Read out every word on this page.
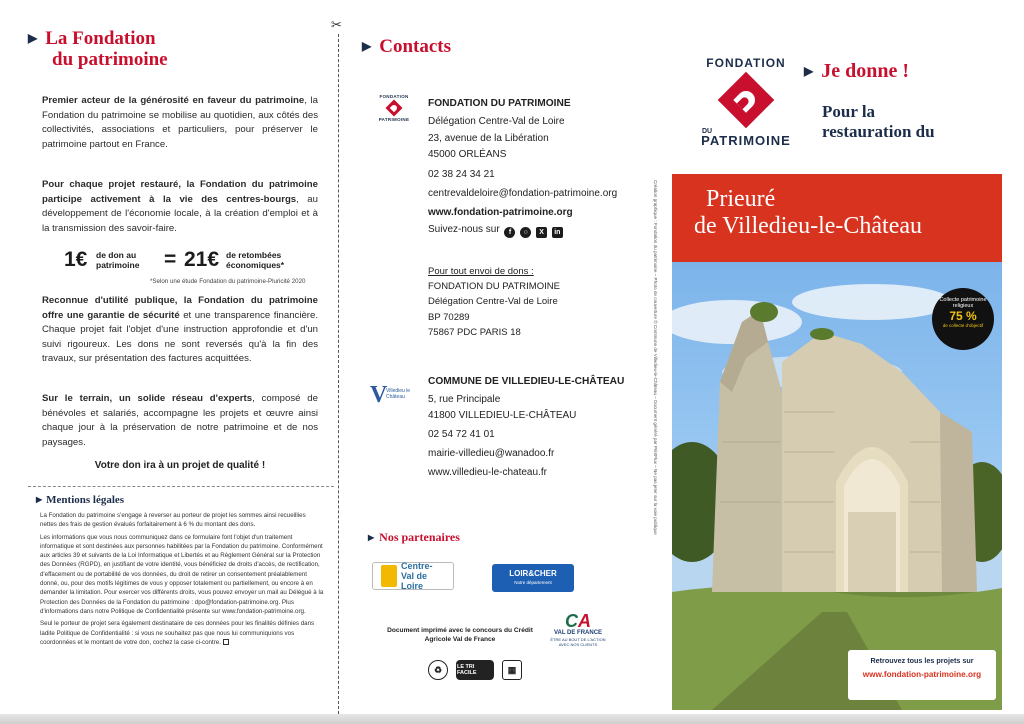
▶ La Fondation
du patrimoine
Premier acteur de la générosité en faveur du patrimoine, la Fondation du patrimoine se mobilise au quotidien, aux côtés des collectivités, associations et particuliers, pour préserver le patrimoine partout en France.
Pour chaque projet restauré, la Fondation du patrimoine participe activement à la vie des centres-bourgs, au développement de l'économie locale, à la création d'emploi et à la transmission des savoir-faire.
1€ de don au patrimoine	= 21€ de retombées économiques*
*Selon une étude Fondation du patrimoine-Pluricité 2020
Reconnue d'utilité publique, la Fondation du patrimoine offre une garantie de sécurité et une transparence financière. Chaque projet fait l'objet d'une instruction approfondie et d'un suivi rigoureux. Les dons ne sont reversés qu'à la fin des travaux, sur présentation des factures acquittées.
Sur le terrain, un solide réseau d'experts, composé de bénévoles et salariés, accompagne les projets et œuvre ainsi chaque jour à la préservation de notre patrimoine et de nos paysages.
Votre don ira à un projet de qualité !
▶ Mentions légales

La Fondation du patrimoine s'engage à reverser au porteur de projet les sommes ainsi recueillies nettes des frais de gestion évalués forfaitairement à 6 % du montant des dons.

Les informations que vous nous communiquez dans ce formulaire font l'objet d'un traitement informatique et sont destinées aux personnes habilitées par la Fondation du patrimoine. Conformément aux articles 39 et suivants de la Loi Informatique et Libertés et au Règlement Général sur la Protection des Données (RGPD), en justifiant de votre identité, vous bénéficiez de droits d'accès, de rectification, d'effacement ou de portabilité de vos données, du droit de retirer un consentement préalablement donné, ou, pour des motifs légitimes de vous y opposer totalement ou partiellement, ou encore à en demander la limitation. Pour exercer vos différents droits, vous pouvez envoyer un mail au Délégué à la Protection des Données de la Fondation du patrimoine : dpo@fondation-patrimoine.org. Plus d'informations dans notre Politique de Confidentialité présente sur www.fondation-patrimoine.org.

Seul le porteur de projet sera également destinataire de ces données pour les finalités définies dans ladite Politique de Confidentialité : si vous ne souhaitez pas que nous lui communiquions vos coordonnées et le montant de votre don, cochez la case ci-contre.

✂
▶ Contacts
FONDATION
PATRIMOINE
FONDATION DU PATRIMOINE
Délégation Centre-Val de Loire
23, avenue de la Libération
45000 ORLÉANS
02 38 24 34 21
centrevaldeloire@fondation-patrimoine.org
www.fondation-patrimoine.org
Suivez-nous sur f ○ X in
Pour tout envoi de dons :
FONDATION DU PATRIMOINE
Délégation Centre-Val de Loire
BP 70289
75867 PDC PARIS 18
V
Villedieu le Château
COMMUNE DE VILLEDIEU-LE-CHÂTEAU
5, rue Principale
41800 VILLEDIEU-LE-CHÂTEAU
02 54 72 41 01
mairie-villedieu@wanadoo.fr
www.villedieu-le-chateau.fr
▶ Nos partenaires
Centre-Val de Loire
LOIR&CHER
Notre département
Document imprimé avec le concours du Crédit Agricole Val de France
CA
VAL DE FRANCE
ÊTRE AU BOUT DE L'ACTION AVEC NOS CLIENTS
♻	LE TRI FACILE	▦
FONDATION
DU
PATRIMOINE
▶ Je donne !
Pour la
restauration du
Création graphique : Fondation du patrimoine – Photo de couverture © Commune de Villedieu-le-Château – Document généré par PrintFlux – Ne pas jeter sur la voie publique	Prieuré
de Villedieu-le-Château
Collecte patrimoine religieux
75 %
de collecte d'objectif
Retrouvez tous les projets sur
www.fondation-patrimoine.org
